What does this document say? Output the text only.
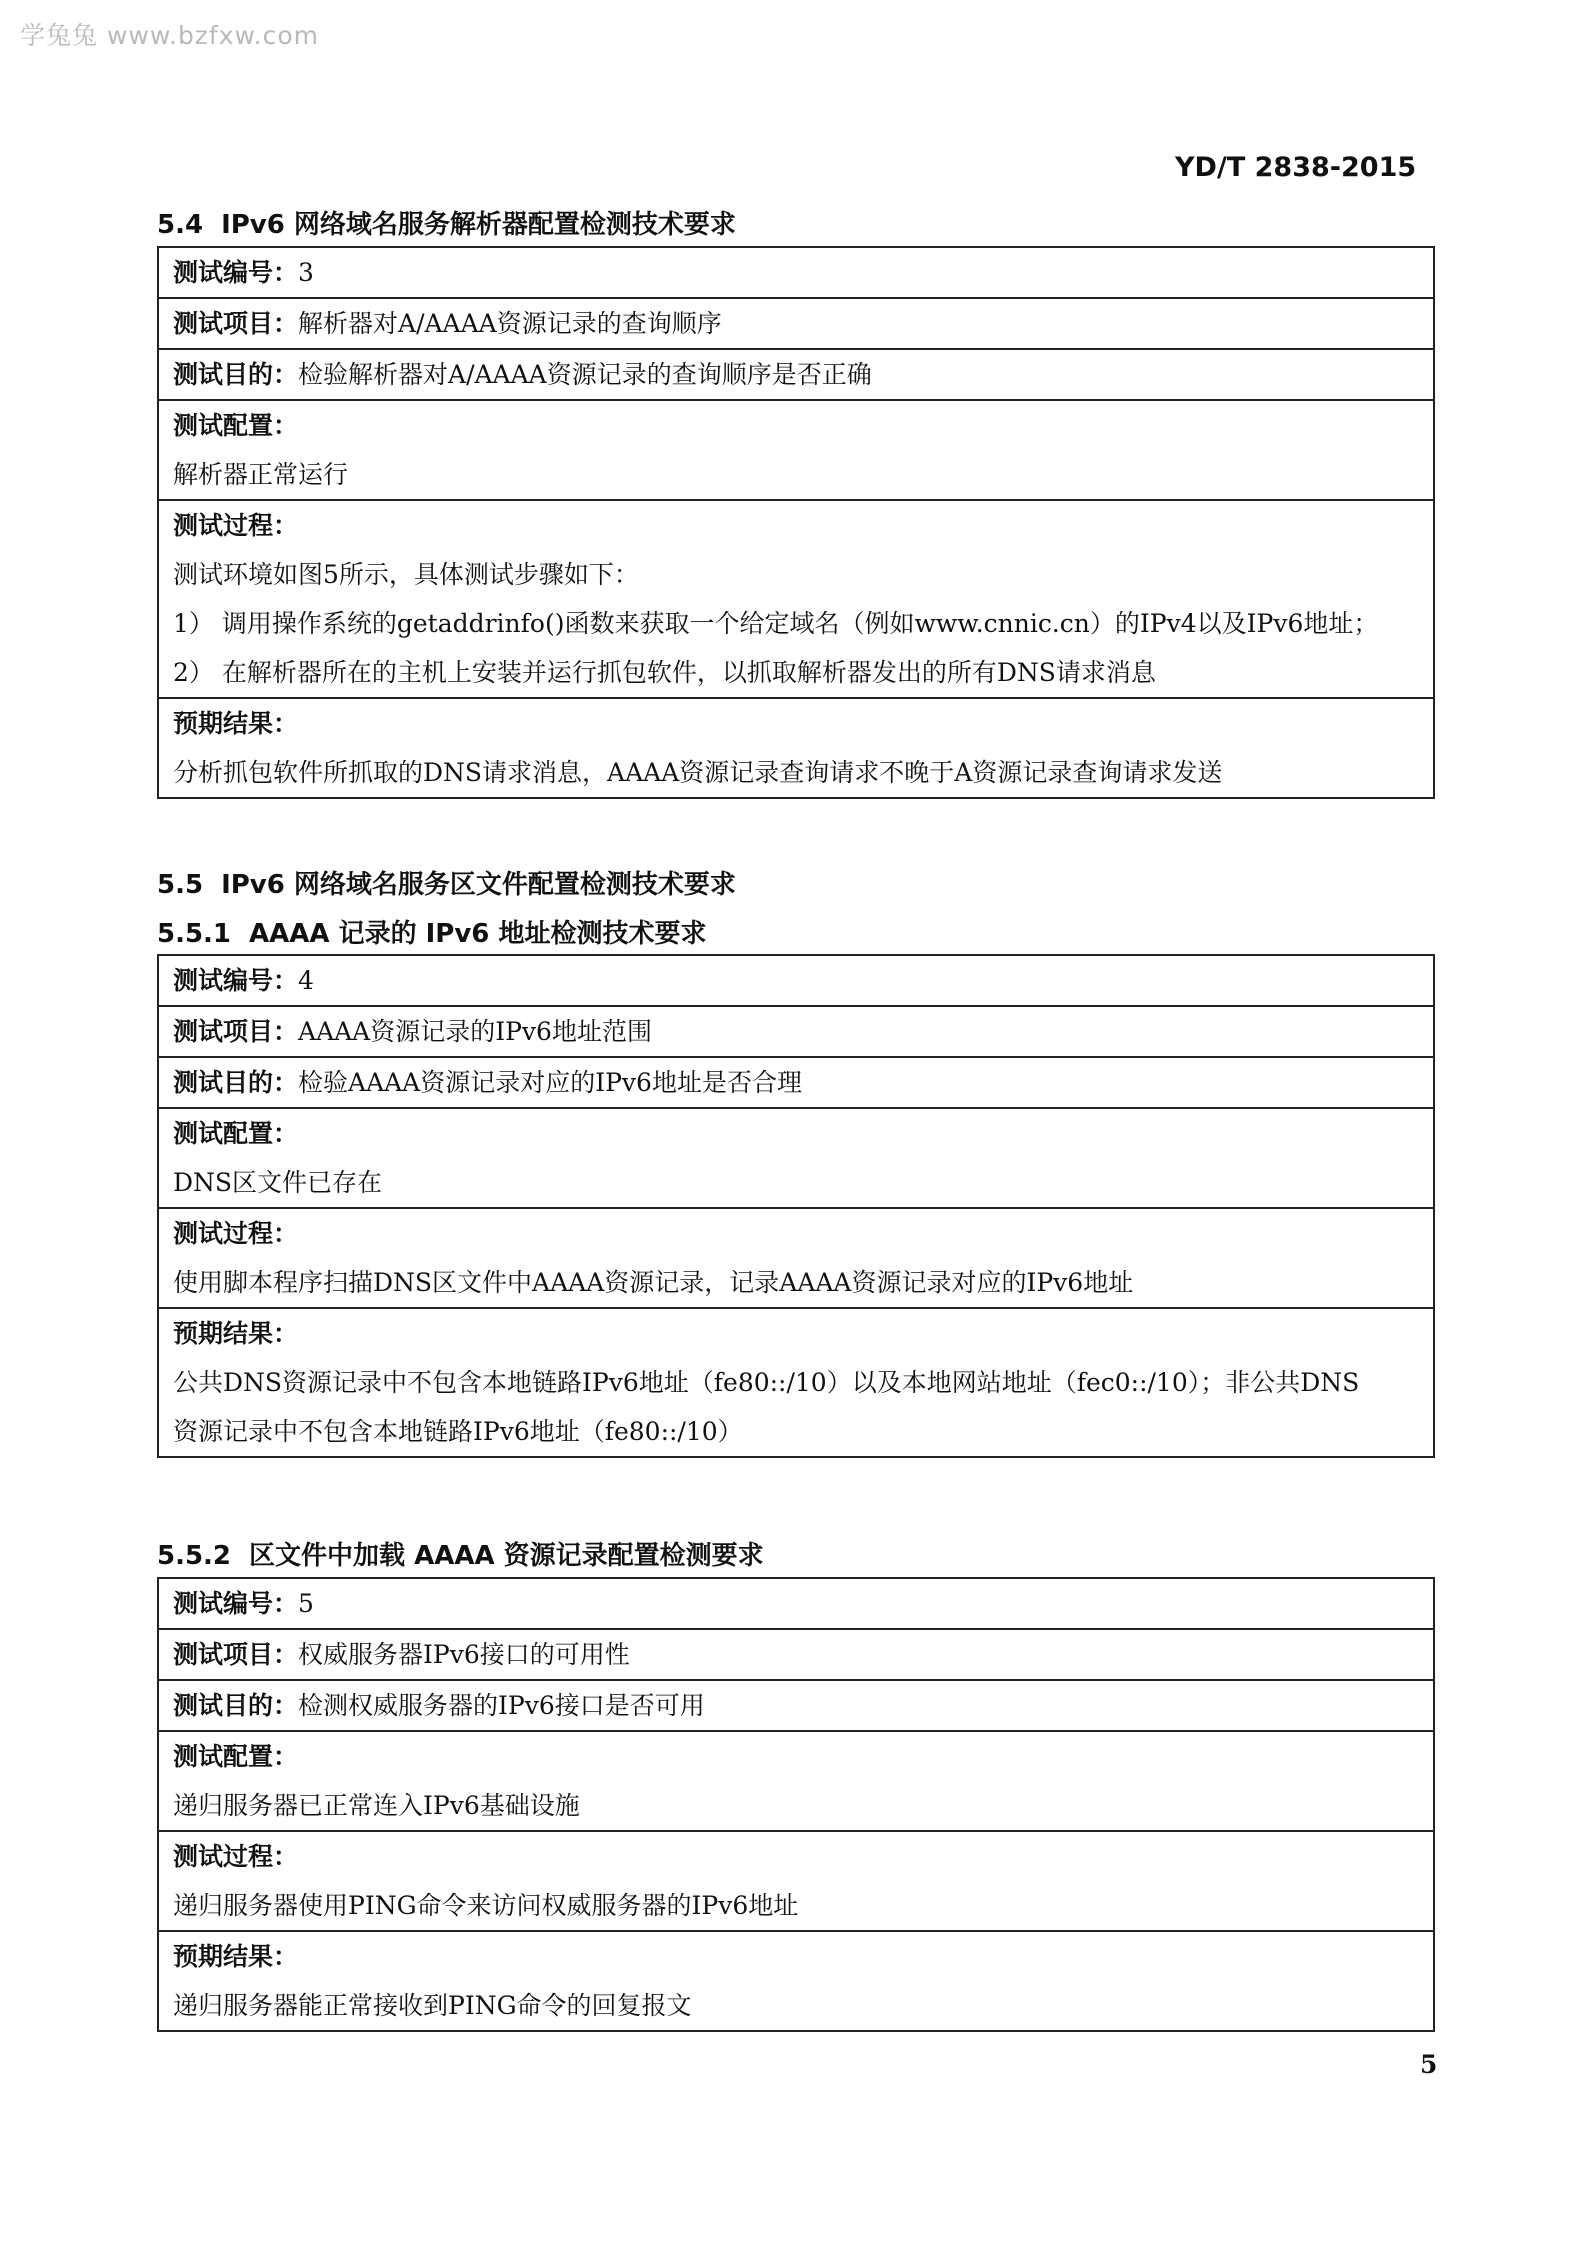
学兔兔 www.bzfxw.com
YD/T 2838-2015
5.4 IPv6 网络域名服务解析器配置检测技术要求
测试编号：3
测试项目：解析器对A/AAAA资源记录的查询顺序
测试目的：检验解析器对A/AAAA资源记录的查询顺序是否正确
测试配置：
解析器正常运行
测试过程：
测试环境如图5所示，具体测试步骤如下：
1） 调用操作系统的getaddrinfo()函数来获取一个给定域名（例如www.cnnic.cn）的IPv4以及IPv6地址；
2） 在解析器所在的主机上安装并运行抓包软件，以抓取解析器发出的所有DNS请求消息
预期结果：
分析抓包软件所抓取的DNS请求消息，AAAA资源记录查询请求不晚于A资源记录查询请求发送
5.5 IPv6 网络域名服务区文件配置检测技术要求
5.5.1 AAAA 记录的 IPv6 地址检测技术要求
测试编号：4
测试项目：AAAA资源记录的IPv6地址范围
测试目的：检验AAAA资源记录对应的IPv6地址是否合理
测试配置：
DNS区文件已存在
测试过程：
使用脚本程序扫描DNS区文件中AAAA资源记录，记录AAAA资源记录对应的IPv6地址
预期结果：
公共DNS资源记录中不包含本地链路IPv6地址（fe80::/10）以及本地网站地址（fec0::/10）；非公共DNS
资源记录中不包含本地链路IPv6地址（fe80::/10）
5.5.2 区文件中加载 AAAA 资源记录配置检测要求
测试编号：5
测试项目：权威服务器IPv6接口的可用性
测试目的：检测权威服务器的IPv6接口是否可用
测试配置：
递归服务器已正常连入IPv6基础设施
测试过程：
递归服务器使用PING命令来访问权威服务器的IPv6地址
预期结果：
递归服务器能正常接收到PING命令的回复报文
5
